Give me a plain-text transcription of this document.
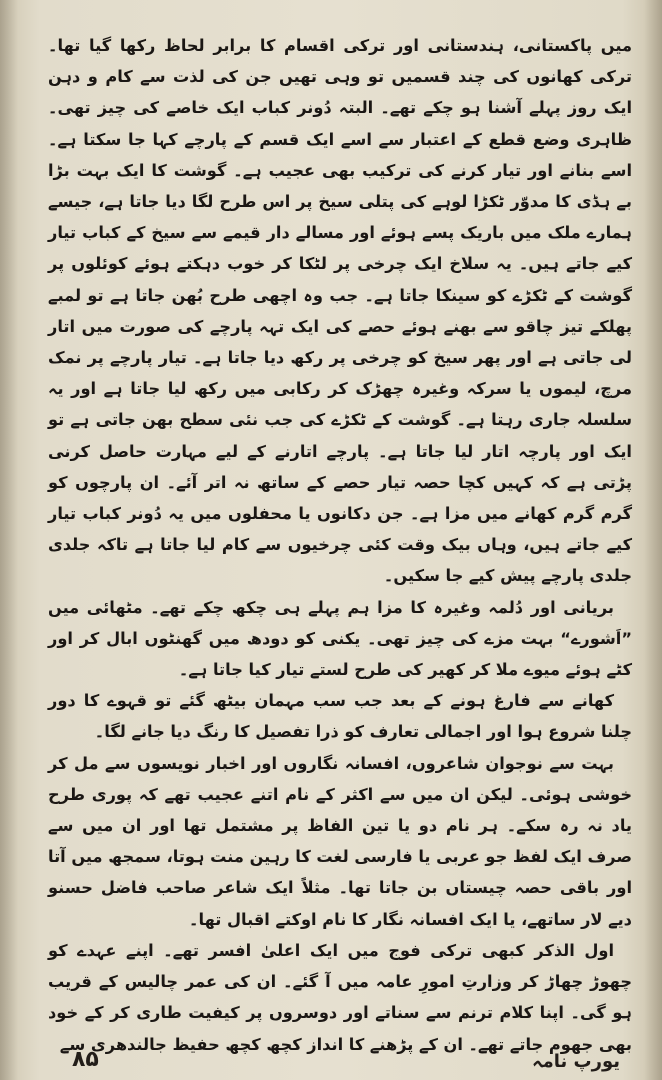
میں پاکستانی، ہندستانی اور ترکی اقسام کا برابر لحاظ رکھا گیا تھا۔ ترکی کھانوں کی چند قسمیں تو وہی تھیں جن کی لذت سے کام و دہن ایک روز پہلے آشنا ہو چکے تھے۔ البتہ دُونر کباب ایک خاصے کی چیز تھی۔ ظاہری وضع قطع کے اعتبار سے اسے ایک قسم کے پارچے کہا جا سکتا ہے۔ اسے بنانے اور تیار کرنے کی ترکیب بھی عجیب ہے۔ گوشت کا ایک بہت بڑا بے ہڈی کا مدوّر ٹکڑا لوہے کی پتلی سیخ پر اس طرح لگا دیا جاتا ہے، جیسے ہمارے ملک میں باریک پسے ہوئے اور مسالے دار قیمے سے سیخ کے کباب تیار کیے جاتے ہیں۔ یہ سلاخ ایک چرخی پر لٹکا کر خوب دہکتے ہوئے کوئلوں پر گوشت کے ٹکڑے کو سینکا جاتا ہے۔ جب وہ اچھی طرح بُھن جاتا ہے تو لمبے پھلکے تیز چاقو سے بھنے ہوئے حصے کی ایک تہہ پارچے کی صورت میں اتار لی جاتی ہے اور پھر سیخ کو چرخی پر رکھ دیا جاتا ہے۔ تیار پارچے پر نمک مرچ، لیموں یا سرکہ وغیرہ چھڑک کر رکابی میں رکھ لیا جاتا ہے اور یہ سلسلہ جاری رہتا ہے۔ گوشت کے ٹکڑے کی جب نئی سطح بھن جاتی ہے تو ایک اور پارچہ اتار لیا جاتا ہے۔ پارچے اتارنے کے لیے مہارت حاصل کرنی پڑتی ہے کہ کہیں کچا حصہ تیار حصے کے ساتھ نہ اتر آئے۔ ان پارچوں کو گرم گرم کھانے میں مزا ہے۔ جن دکانوں یا محفلوں میں یہ دُونر کباب تیار کیے جاتے ہیں، وہاں بیک وقت کئی چرخیوں سے کام لیا جاتا ہے تاکہ جلدی جلدی پارچے پیش کیے جا سکیں۔

بریانی اور دُلمہ وغیرہ کا مزا ہم پہلے ہی چکھ چکے تھے۔ مٹھائی میں ”اَشورے“ بہت مزے کی چیز تھی۔ یکنی کو دودھ میں گھنٹوں ابال کر اور کٹے ہوئے میوے ملا کر کھیر کی طرح لستے تیار کیا جاتا ہے۔

کھانے سے فارغ ہونے کے بعد جب سب مہمان بیٹھ گئے تو قہوے کا دور چلنا شروع ہوا اور اجمالی تعارف کو ذرا تفصیل کا رنگ دیا جانے لگا۔

بہت سے نوجوان شاعروں، افسانہ نگاروں اور اخبار نویسوں سے مل کر خوشی ہوئی۔ لیکن ان میں سے اکثر کے نام اتنے عجیب تھے کہ پوری طرح یاد نہ رہ سکے۔ ہر نام دو یا تین الفاظ پر مشتمل تھا اور ان میں سے صرف ایک لفظ جو عربی یا فارسی لغت کا رہین منت ہوتا، سمجھ میں آتا اور باقی حصہ چیستاں بن جاتا تھا۔ مثلاً ایک شاعر صاحب فاضل حسنو دیے لار ساتھے، یا ایک افسانہ نگار کا نام اوکتے اقبال تھا۔

اول الذکر کبھی ترکی فوج میں ایک اعلیٰ افسر تھے۔ اپنے عہدے کو چھوڑ چھاڑ کر وزارتِ امورِ عامہ میں آ گئے۔ ان کی عمر چالیس کے قریب ہو گی۔ اپنا کلام ترنم سے سناتے اور دوسروں پر کیفیت طاری کر کے خود بھی جھوم جاتے تھے۔ ان کے پڑھنے کا انداز کچھ کچھ حفیظ جالندھری سے

۸۵	یورپ نامہ
